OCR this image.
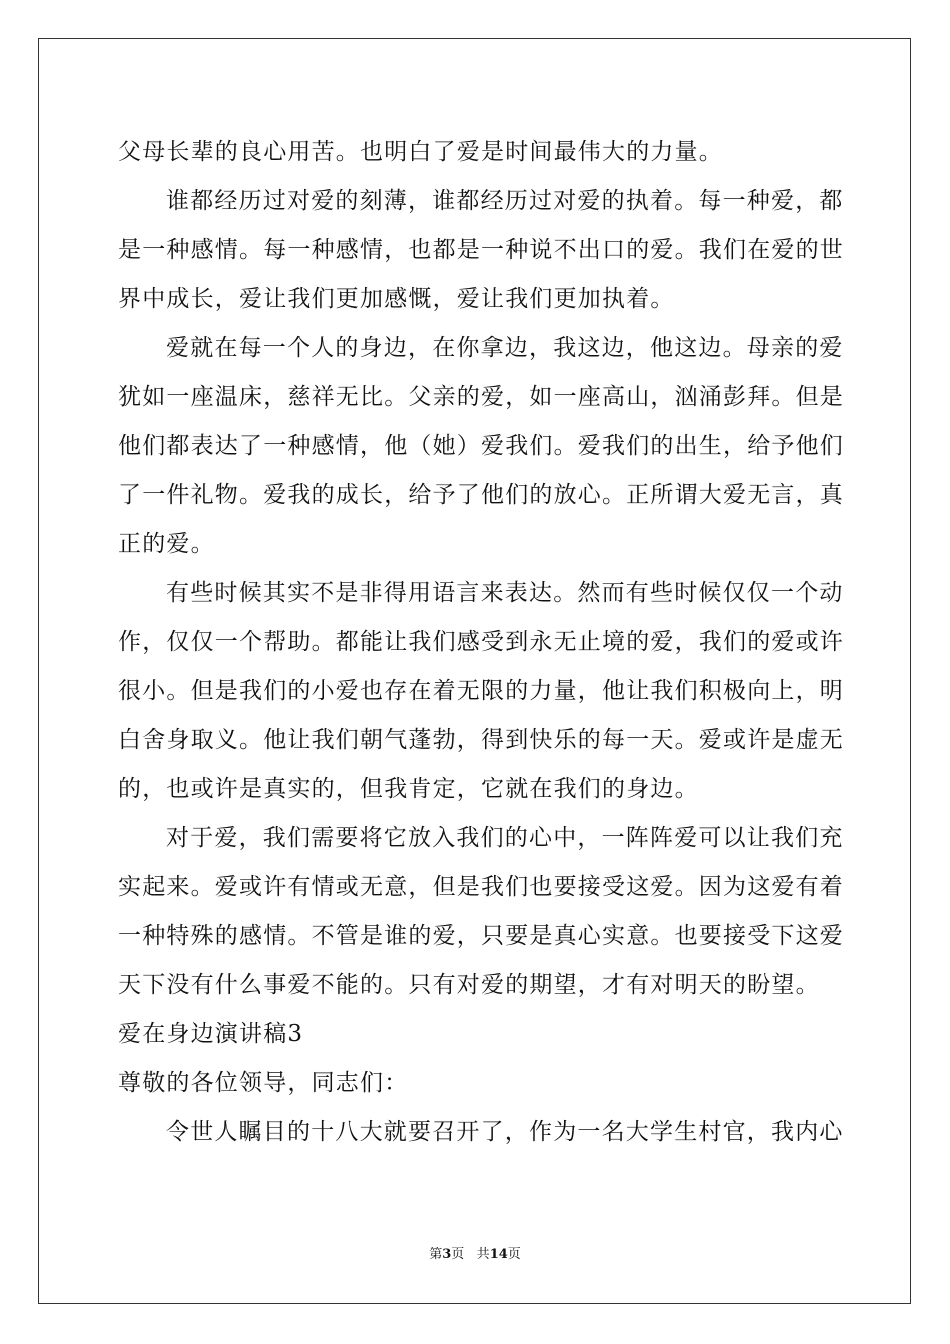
父母长辈的良心用苦。也明白了爱是时间最伟大的力量。
谁都经历过对爱的刻薄，谁都经历过对爱的执着。每一种爱，都
是一种感情。每一种感情，也都是一种说不出口的爱。我们在爱的世
界中成长，爱让我们更加感慨，爱让我们更加执着。
爱就在每一个人的身边，在你拿边，我这边，他这边。母亲的爱
犹如一座温床，慈祥无比。父亲的爱，如一座高山，汹涌彭拜。但是
他们都表达了一种感情，他（她）爱我们。爱我们的出生，给予他们
了一件礼物。爱我的成长，给予了他们的放心。正所谓大爱无言，真
正的爱。
有些时候其实不是非得用语言来表达。然而有些时候仅仅一个动
作，仅仅一个帮助。都能让我们感受到永无止境的爱，我们的爱或许
很小。但是我们的小爱也存在着无限的力量，他让我们积极向上，明
白舍身取义。他让我们朝气蓬勃，得到快乐的每一天。爱或许是虚无
的，也或许是真实的，但我肯定，它就在我们的身边。
对于爱，我们需要将它放入我们的心中，一阵阵爱可以让我们充
实起来。爱或许有情或无意，但是我们也要接受这爱。因为这爱有着
一种特殊的感情。不管是谁的爱，只要是真心实意。也要接受下这爱
天下没有什么事爱不能的。只有对爱的期望，才有对明天的盼望。
爱在身边演讲稿3
尊敬的各位领导，同志们：
令世人瞩目的十八大就要召开了，作为一名大学生村官，我内心
第3页 共14页
